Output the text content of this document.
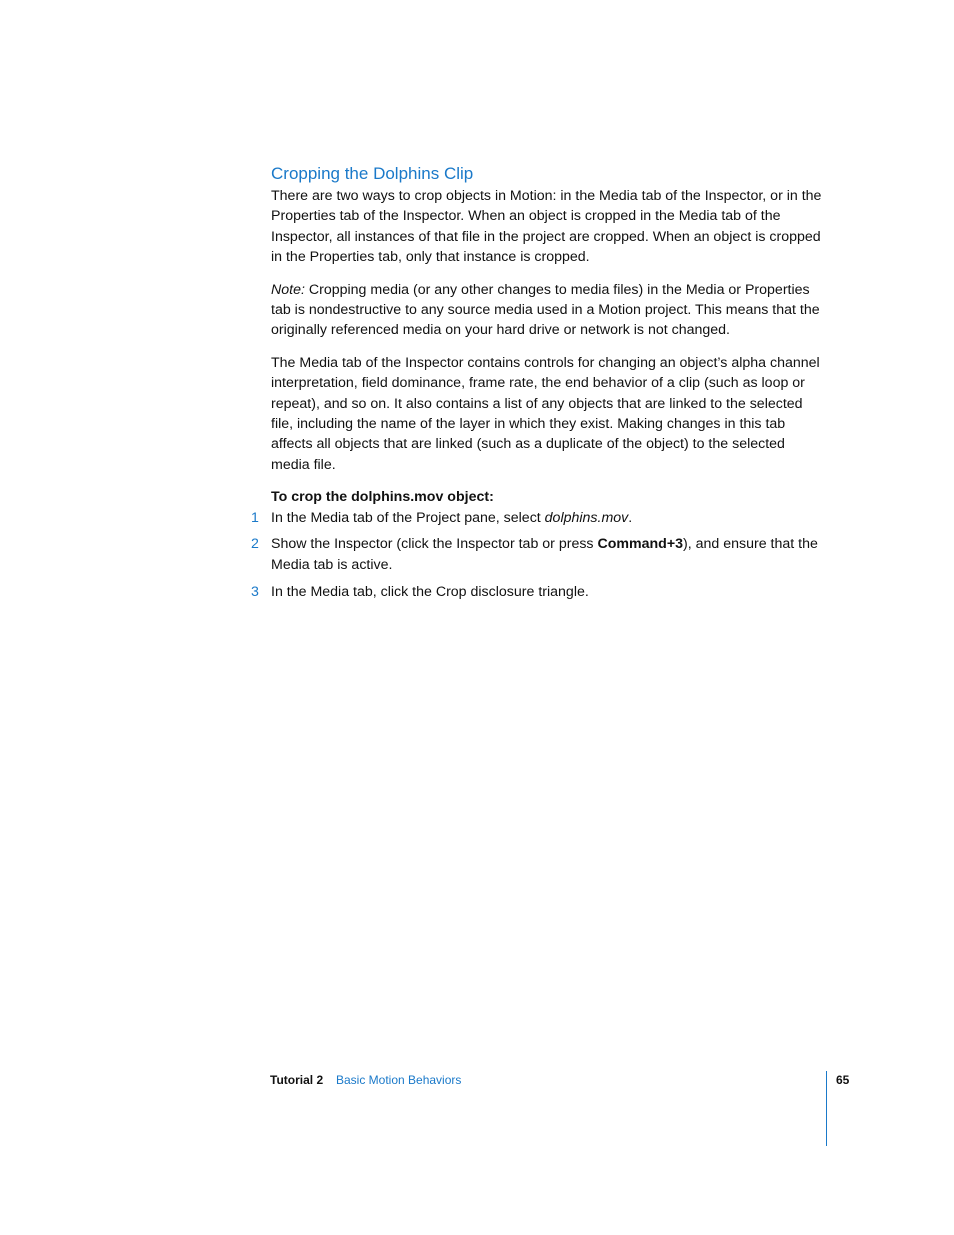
Cropping the Dolphins Clip

There are two ways to crop objects in Motion: in the Media tab of the Inspector, or in the Properties tab of the Inspector. When an object is cropped in the Media tab of the Inspector, all instances of that file in the project are cropped. When an object is cropped in the Properties tab, only that instance is cropped.

Note: Cropping media (or any other changes to media files) in the Media or Properties tab is nondestructive to any source media used in a Motion project. This means that the originally referenced media on your hard drive or network is not changed.

The Media tab of the Inspector contains controls for changing an object’s alpha channel interpretation, field dominance, frame rate, the end behavior of a clip (such as loop or repeat), and so on. It also contains a list of any objects that are linked to the selected file, including the name of the layer in which they exist. Making changes in this tab affects all objects that are linked (such as a duplicate of the object) to the selected media file.

To crop the dolphins.mov object:
1 In the Media tab of the Project pane, select dolphins.mov.
2 Show the Inspector (click the Inspector tab or press Command+3), and ensure that the Media tab is active.
3 In the Media tab, click the Crop disclosure triangle.
Tutorial 2 Basic Motion Behaviors	65
